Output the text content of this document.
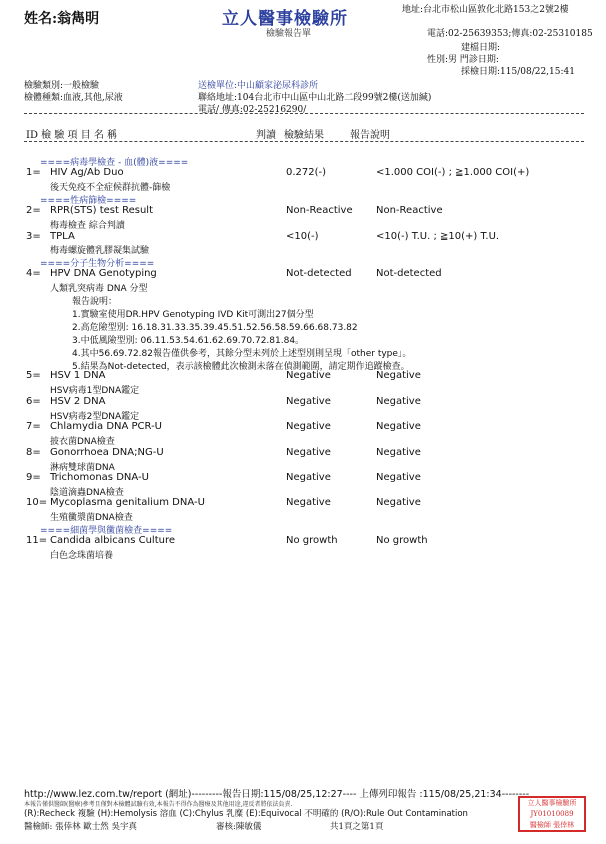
姓名:翁雋明	立人醫事檢驗所
檢驗報告單
地址:台北市松山區敦化北路153之2號2樓
電話:02-25639353;傳真:02-25310185
建檔日期:
性別:男 門診日期:
採檢日期:115/08/22,15:41
檢驗類別:一般檢驗
檢體種類:血液,其他,尿液
送檢單位:中山顧家泌尿科診所
聯絡地址:104台北市中山區中山北路二段99號2樓(送加緘)
電話/ 傳真:02-25216290/
ID 檢 驗 項 目 名 稱	判讀 檢驗結果	報告說明
====病毒學檢查 - 血(體)液====
1= HIV Ag/Ab Duo	0.272(-)	<1.000 COI(-) ; ≧1.000 COI(+)
後天免疫不全症候群抗體-篩檢
====性病篩檢====
2= RPR(STS) test Result	Non-Reactive Non-Reactive
梅毒檢查 綜合判讀
3= TPLA	<10(-)	<10(-) T.U. ; ≧10(+) T.U.
梅毒螺旋體乳膠凝集試驗
====分子生物分析====
4= HPV DNA Genotyping	Not-detected Not-detected
人類乳突病毒 DNA 分型
報告說明：
1.實驗室使用DR.HPV Genotyping IVD Kit可測出27個分型
2.高危險型別: 16.18.31.33.35.39.45.51.52.56.58.59.66.68.73.82
3.中低風險型別: 06.11.53.54.61.62.69.70.72.81.84。
4.其中56.69.72.82報告僅供參考，其餘分型未列於上述型別則呈現「other type」。
5.結果為Not-detected，表示該檢體此次檢測未落在偵測範圍，請定期作追蹤檢查。
5= HSV 1 DNA	Negative	Negative
HSV病毒1型DNA鑑定
6= HSV 2 DNA	Negative	Negative
HSV病毒2型DNA鑑定
7= Chlamydia DNA PCR-U	Negative	Negative
披衣菌DNA檢查
8= Gonorrhoea DNA;NG-U	Negative	Negative
淋病雙球菌DNA
9= Trichomonas DNA-U	Negative	Negative
陰道滴蟲DNA檢查
10= Mycoplasma genitalium DNA-U	Negative	Negative
生殖黴漿菌DNA檢查
====細菌學與黴菌檢查====
11= Candida albicans Culture	No growth	No growth
白色念珠菌培養
http://www.lez.com.tw/report (網址)---------報告日期:115/08/25,12:27---- 上傳列印報告 :115/08/25,21:34--------
本報告僅供醫師(醫療)參考且僅對本檢體試驗有效,本報告不得作為醫療及其他用途,違反者將依法負責.
(R):Recheck 複驗 (H):Hemolysis 溶血 (C):Chylus 乳糜 (E):Equivocal 不明確的 (R/O):Rule Out Contamination
醫檢師: 張倖林 歐士然 吳宇真	審核:陳敏儀	共1頁之第1頁
立人醫事檢驗所
JY01010089
醫檢師 張倖林
